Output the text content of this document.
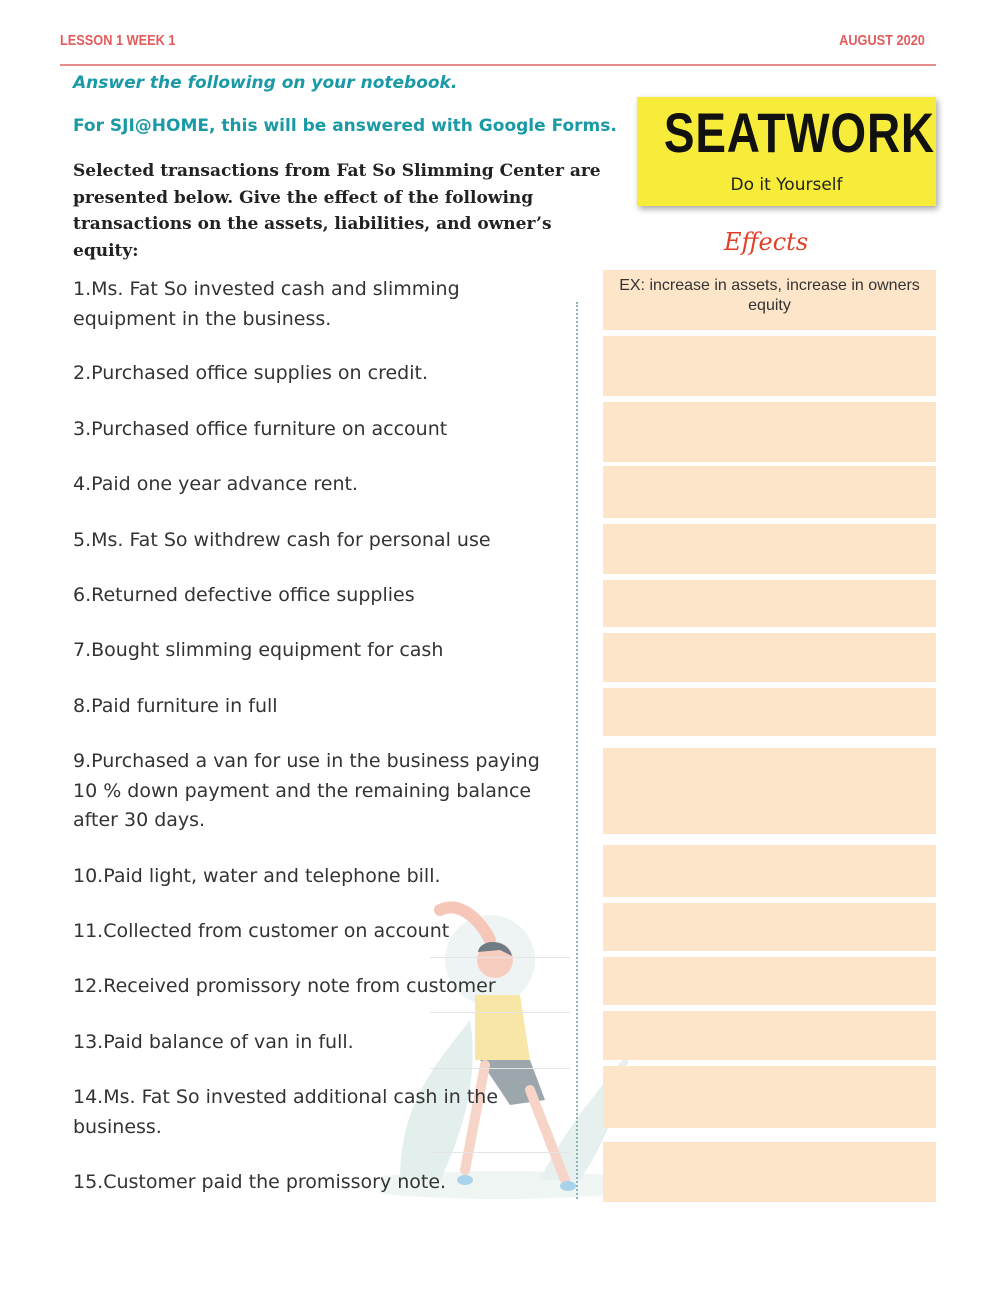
LESSON 1 WEEK 1	AUGUST 2020
Answer the following on your notebook.
For SJI@HOME, this will be answered with Google Forms.
Selected transactions from Fat So Slimming Center are presented below. Give the effect of the following transactions on the assets, liabilities, and owner’s equity:
SEATWORK
Do it Yourself
Effects
1.Ms. Fat So invested cash and slimming equipment in the business.
2.Purchased office supplies on credit.
3.Purchased office furniture on account
4.Paid one year advance rent.
5.Ms. Fat So withdrew cash for personal use
6.Returned defective office supplies
7.Bought slimming equipment for cash
8.Paid furniture in full
9.Purchased a van for use in the business paying 10 % down payment and the remaining balance after 30 days.
10.Paid light, water and telephone bill.
11.Collected from customer on account
12.Received promissory note from customer
13.Paid balance of van in full.
14.Ms. Fat So invested additional cash in the business.
15.Customer paid the promissory note.
EX: increase in assets, increase in owners equity
